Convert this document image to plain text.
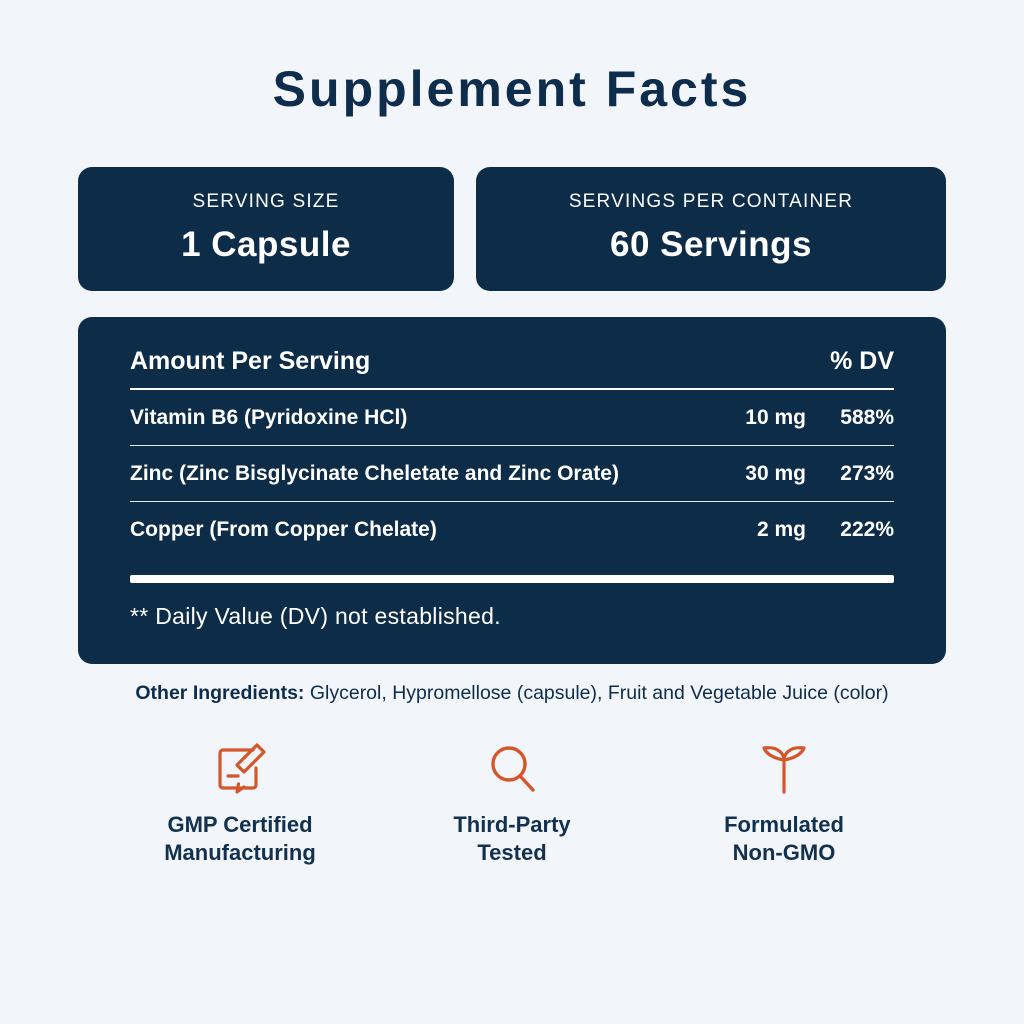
Supplement Facts
SERVING SIZE
1 Capsule
SERVINGS PER CONTAINER
60 Servings
Amount Per Serving	% DV
Vitamin B6 (Pyridoxine HCl)	10 mg	588%
Zinc (Zinc Bisglycinate Cheletate and Zinc Orate)	30 mg	273%
Copper (From Copper Chelate)	2 mg	222%
** Daily Value (DV) not established.
Other Ingredients: Glycerol, Hypromellose (capsule), Fruit and Vegetable Juice (color)
GMP Certified
Manufacturing
Third-Party
Tested
Formulated
Non-GMO
